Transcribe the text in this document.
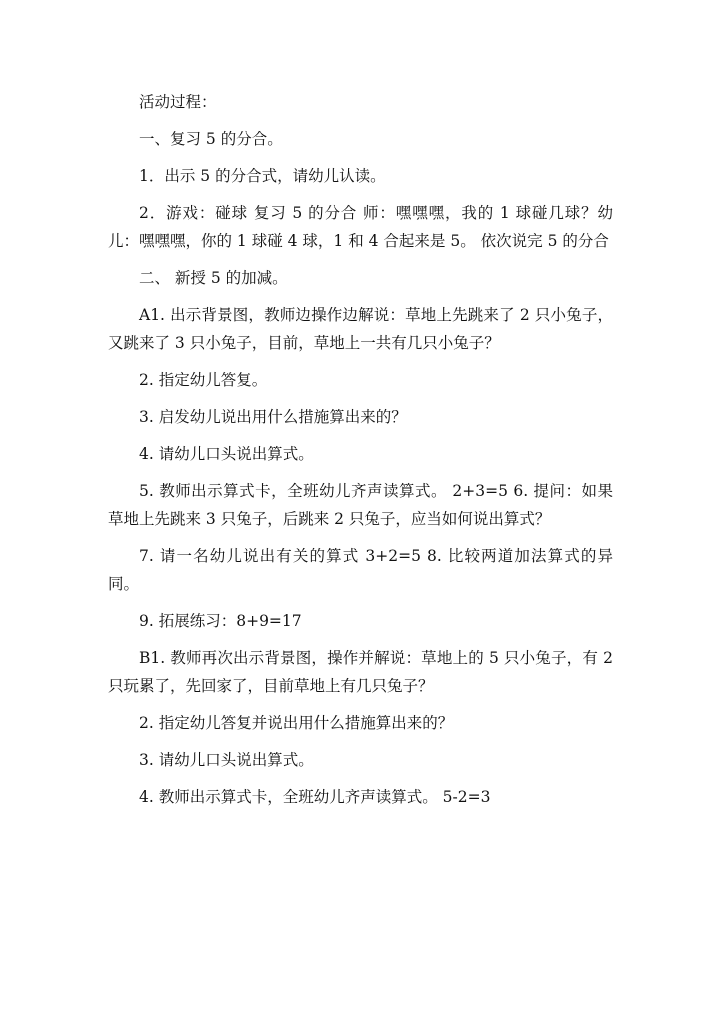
活动过程：

一、复习 5 的分合。

1．出示 5 的分合式，请幼儿认读。

2．游戏：碰球 复习 5 的分合 师：嘿嘿嘿，我的 1 球碰几球？幼儿：嘿嘿嘿，你的 1 球碰 4 球，1 和 4 合起来是 5。 依次说完 5 的分合

二、 新授 5 的加减。

A1. 出示背景图，教师边操作边解说：草地上先跳来了 2 只小兔子，又跳来了 3 只小兔子，目前，草地上一共有几只小兔子？

2. 指定幼儿答复。

3. 启发幼儿说出用什么措施算出来的？

4. 请幼儿口头说出算式。

5. 教师出示算式卡，全班幼儿齐声读算式。 2+3=5 6. 提问：如果草地上先跳来 3 只兔子，后跳来 2 只兔子，应当如何说出算式？

7. 请一名幼儿说出有关的算式 3+2=5 8. 比较两道加法算式的异同。

9. 拓展练习：8+9=17

B1. 教师再次出示背景图，操作并解说：草地上的 5 只小兔子，有 2 只玩累了，先回家了，目前草地上有几只兔子？

2. 指定幼儿答复并说出用什么措施算出来的？

3. 请幼儿口头说出算式。

4. 教师出示算式卡，全班幼儿齐声读算式。 5-2=3
